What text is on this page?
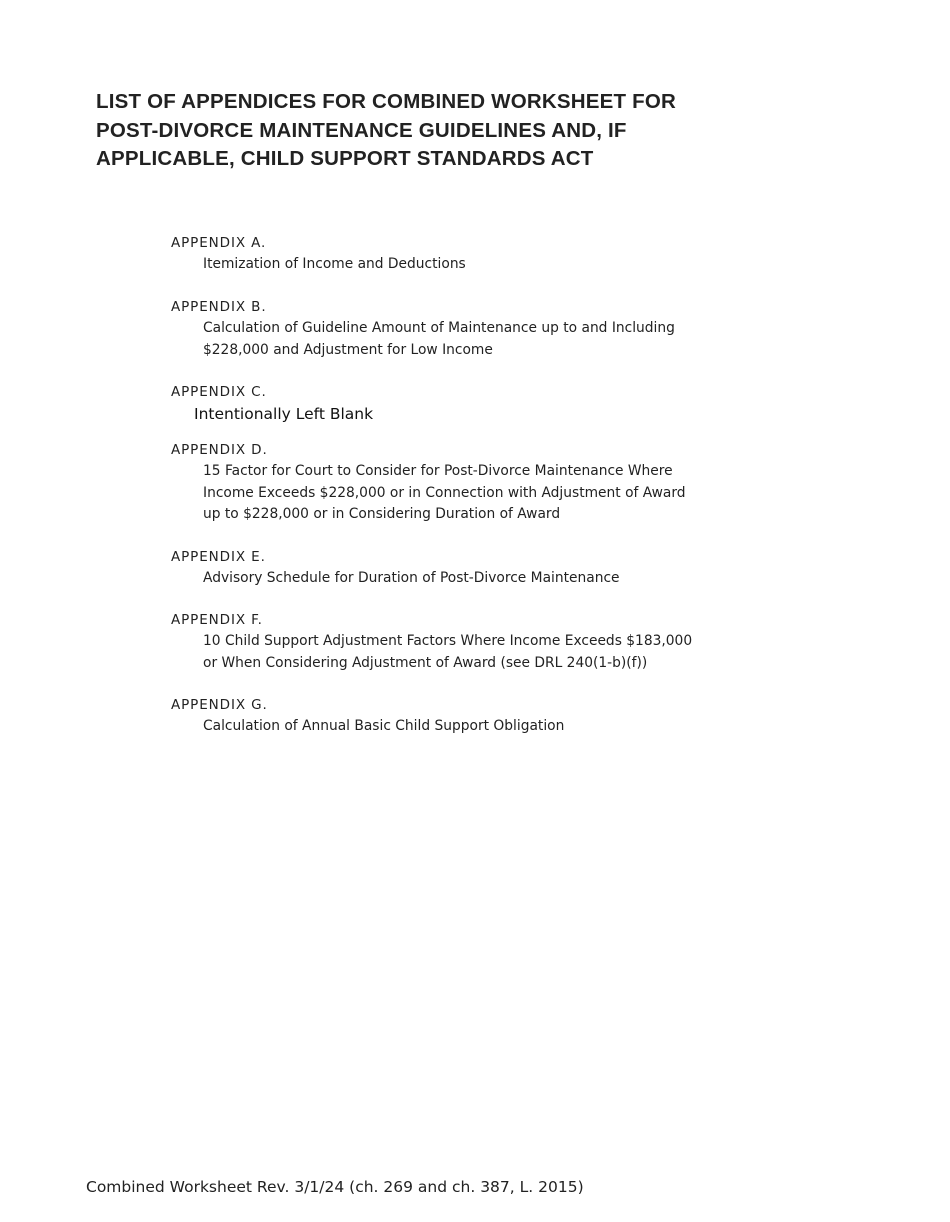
LIST OF APPENDICES FOR COMBINED WORKSHEET FOR
POST-DIVORCE MAINTENANCE GUIDELINES AND, IF
APPLICABLE, CHILD SUPPORT STANDARDS ACT
APPENDIX A.
Itemization of Income and Deductions
APPENDIX B.
Calculation of Guideline Amount of Maintenance up to and Including
$228,000 and Adjustment for Low Income
APPENDIX C.
Intentionally Left Blank
APPENDIX D.
15 Factor for Court to Consider for Post-Divorce Maintenance Where
Income Exceeds $228,000 or in Connection with Adjustment of Award
up to $228,000 or in Considering Duration of Award
APPENDIX E.
Advisory Schedule for Duration of Post-Divorce Maintenance
APPENDIX F.
10 Child Support Adjustment Factors Where Income Exceeds $183,000
or When Considering Adjustment of Award (see DRL 240(1-b)(f))
APPENDIX G.
Calculation of Annual Basic Child Support Obligation
Combined Worksheet Rev. 3/1/24 (ch. 269 and ch. 387, L. 2015)
